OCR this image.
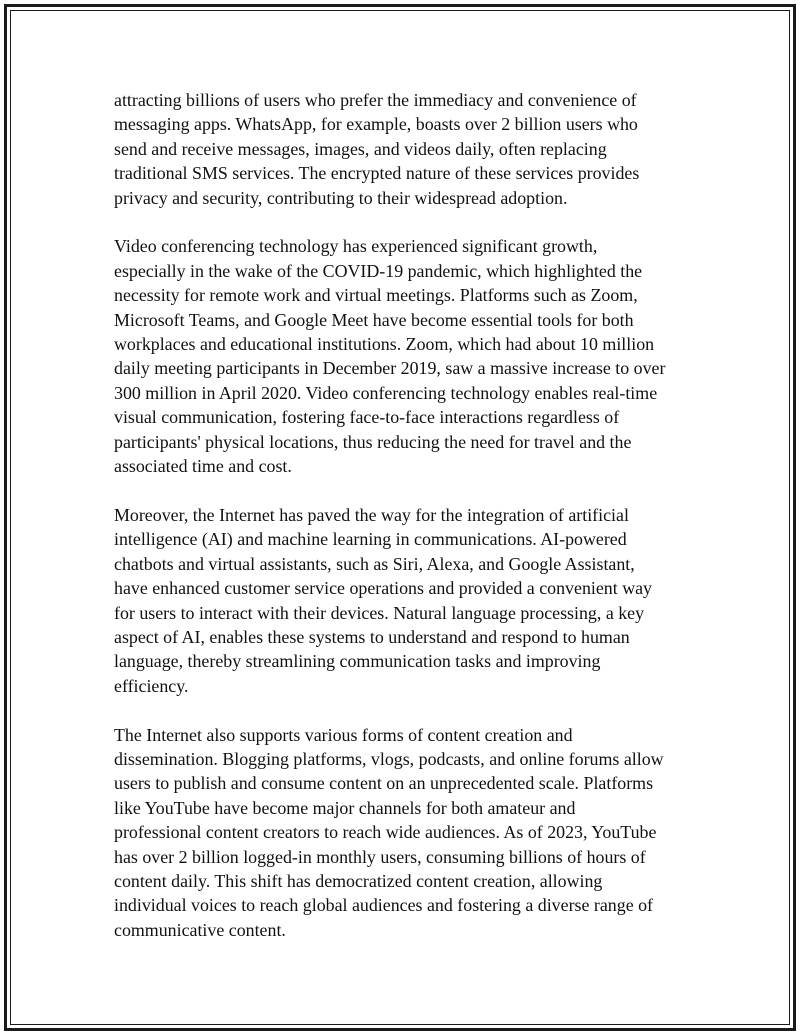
attracting billions of users who prefer the immediacy and convenience of
messaging apps. WhatsApp, for example, boasts over 2 billion users who
send and receive messages, images, and videos daily, often replacing
traditional SMS services. The encrypted nature of these services provides
privacy and security, contributing to their widespread adoption.

Video conferencing technology has experienced significant growth,
especially in the wake of the COVID-19 pandemic, which highlighted the
necessity for remote work and virtual meetings. Platforms such as Zoom,
Microsoft Teams, and Google Meet have become essential tools for both
workplaces and educational institutions. Zoom, which had about 10 million
daily meeting participants in December 2019, saw a massive increase to over
300 million in April 2020. Video conferencing technology enables real-time
visual communication, fostering face-to-face interactions regardless of
participants' physical locations, thus reducing the need for travel and the
associated time and cost.

Moreover, the Internet has paved the way for the integration of artificial
intelligence (AI) and machine learning in communications. AI-powered
chatbots and virtual assistants, such as Siri, Alexa, and Google Assistant,
have enhanced customer service operations and provided a convenient way
for users to interact with their devices. Natural language processing, a key
aspect of AI, enables these systems to understand and respond to human
language, thereby streamlining communication tasks and improving
efficiency.

The Internet also supports various forms of content creation and
dissemination. Blogging platforms, vlogs, podcasts, and online forums allow
users to publish and consume content on an unprecedented scale. Platforms
like YouTube have become major channels for both amateur and
professional content creators to reach wide audiences. As of 2023, YouTube
has over 2 billion logged-in monthly users, consuming billions of hours of
content daily. This shift has democratized content creation, allowing
individual voices to reach global audiences and fostering a diverse range of
communicative content.
